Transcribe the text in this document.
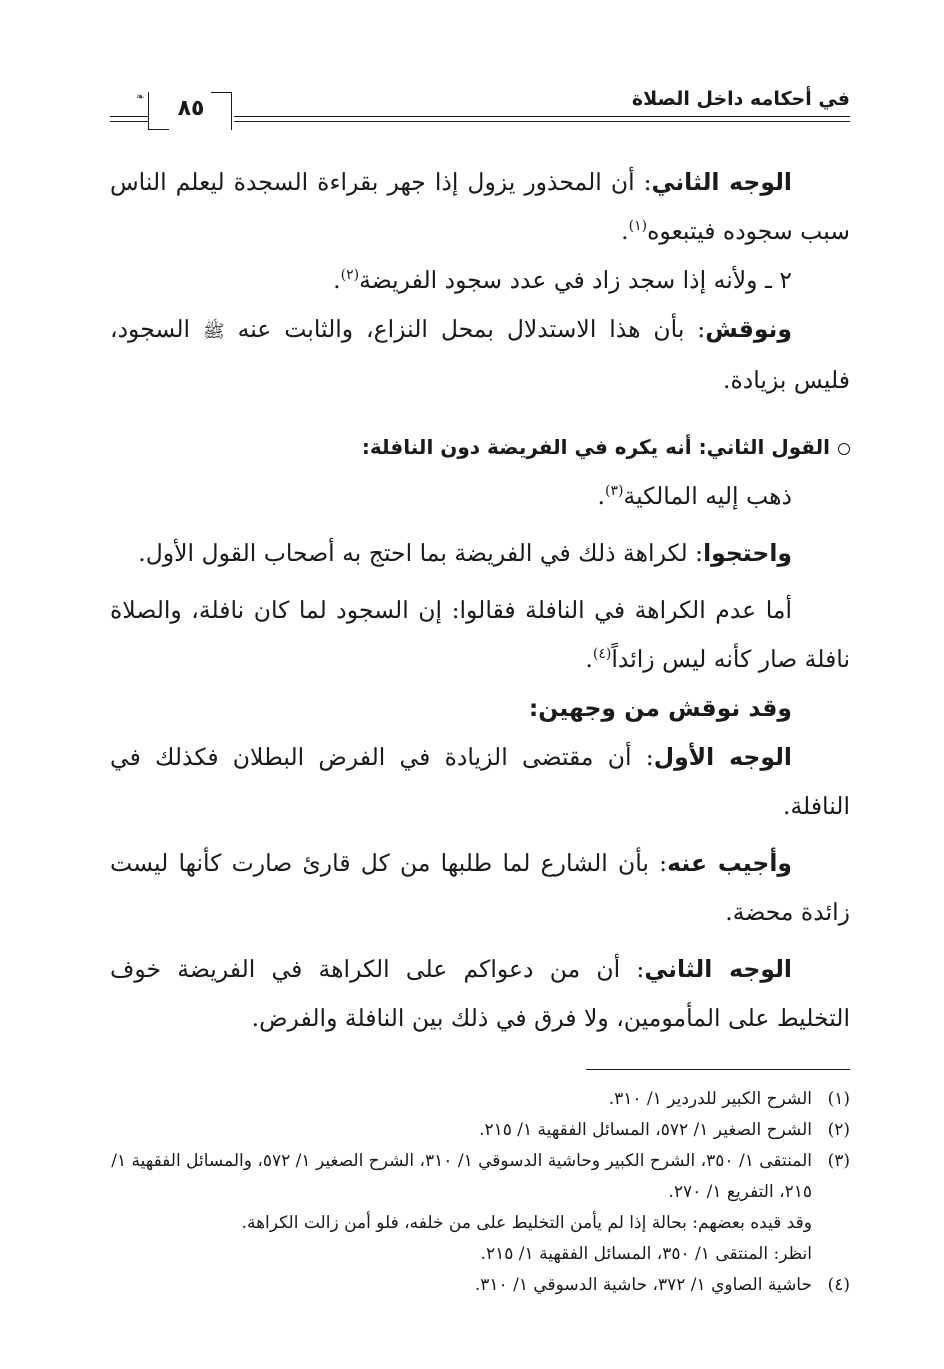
في أحكامه داخل الصلاة
❧	٨٥

الوجه الثاني: أن المحذور يزول إذا جهر بقراءة السجدة ليعلم الناس سبب سجوده فيتبعوه$^{(١)}$.

٢ ـ ولأنه إذا سجد زاد في عدد سجود الفريضة$^{(٢)}$.

ونوقش: بأن هذا الاستدلال بمحل النزاع، والثابت عنه ﷺ السجود، فليس بزيادة.

القول الثاني: أنه يكره في الفريضة دون النافلة:

ذهب إليه المالكية$^{(٣)}$.

واحتجوا: لكراهة ذلك في الفريضة بما احتج به أصحاب القول الأول.

أما عدم الكراهة في النافلة فقالوا: إن السجود لما كان نافلة، والصلاة نافلة صار كأنه ليس زائداً$^{(٤)}$.

وقد نوقش من وجهين:

الوجه الأول: أن مقتضى الزيادة في الفرض البطلان فكذلك في النافلة.

وأجيب عنه: بأن الشارع لما طلبها من كل قارئ صارت كأنها ليست زائدة محضة.

الوجه الثاني: أن من دعواكم على الكراهة في الفريضة خوف التخليط على المأمومين، ولا فرق في ذلك بين النافلة والفرض.

(١)
الشرح الكبير للدردير ١/ ٣١٠.
(٢)
الشرح الصغير ١/ ٥٧٢، المسائل الفقهية ١/ ٢١٥.
(٣)
المنتقى ١/ ٣٥٠، الشرح الكبير وحاشية الدسوقي ١/ ٣١٠، الشرح الصغير ١/ ٥٧٢، والمسائل الفقهية ١/ ٢١٥، التفريع ١/ ٢٧٠.
وقد قيده بعضهم: بحالة إذا لم يأمن التخليط على من خلفه، فلو أمن زالت الكراهة.
انظر: المنتقى ١/ ٣٥٠، المسائل الفقهية ١/ ٢١٥.
(٤)
حاشية الصاوي ١/ ٣٧٢، حاشية الدسوقي ١/ ٣١٠.
